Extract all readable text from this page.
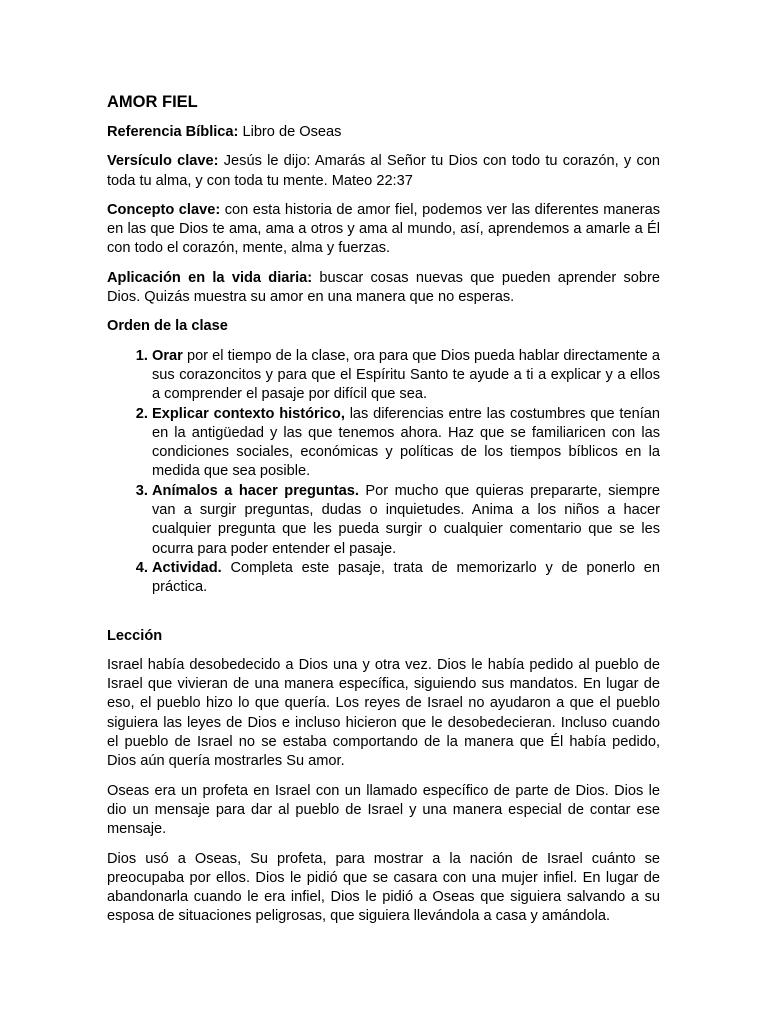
AMOR FIEL

Referencia Bíblica: Libro de Oseas

Versículo clave: Jesús le dijo: Amarás al Señor tu Dios con todo tu corazón, y con toda tu alma, y con toda tu mente. Mateo 22:37

Concepto clave: con esta historia de amor fiel, podemos ver las diferentes maneras en las que Dios te ama, ama a otros y ama al mundo, así, aprendemos a amarle a Él con todo el corazón, mente, alma y fuerzas.

Aplicación en la vida diaria: buscar cosas nuevas que pueden aprender sobre Dios. Quizás muestra su amor en una manera que no esperas.

Orden de la clase
1. Orar por el tiempo de la clase, ora para que Dios pueda hablar directamente a sus corazoncitos y para que el Espíritu Santo te ayude a ti a explicar y a ellos a comprender el pasaje por difícil que sea.
2. Explicar contexto histórico, las diferencias entre las costumbres que tenían en la antigüedad y las que tenemos ahora. Haz que se familiaricen con las condiciones sociales, económicas y políticas de los tiempos bíblicos en la medida que sea posible.
3. Anímalos a hacer preguntas. Por mucho que quieras prepararte, siempre van a surgir preguntas, dudas o inquietudes. Anima a los niños a hacer cualquier pregunta que les pueda surgir o cualquier comentario que se les ocurra para poder entender el pasaje.
4. Actividad. Completa este pasaje, trata de memorizarlo y de ponerlo en práctica.
Lección

Israel había desobedecido a Dios una y otra vez. Dios le había pedido al pueblo de Israel que vivieran de una manera específica, siguiendo sus mandatos. En lugar de eso, el pueblo hizo lo que quería. Los reyes de Israel no ayudaron a que el pueblo siguiera las leyes de Dios e incluso hicieron que le desobedecieran. Incluso cuando el pueblo de Israel no se estaba comportando de la manera que Él había pedido, Dios aún quería mostrarles Su amor.

Oseas era un profeta en Israel con un llamado específico de parte de Dios. Dios le dio un mensaje para dar al pueblo de Israel y una manera especial de contar ese mensaje.

Dios usó a Oseas, Su profeta, para mostrar a la nación de Israel cuánto se preocupaba por ellos. Dios le pidió que se casara con una mujer infiel. En lugar de abandonarla cuando le era infiel, Dios le pidió a Oseas que siguiera salvando a su esposa de situaciones peligrosas, que siguiera llevándola a casa y amándola.
